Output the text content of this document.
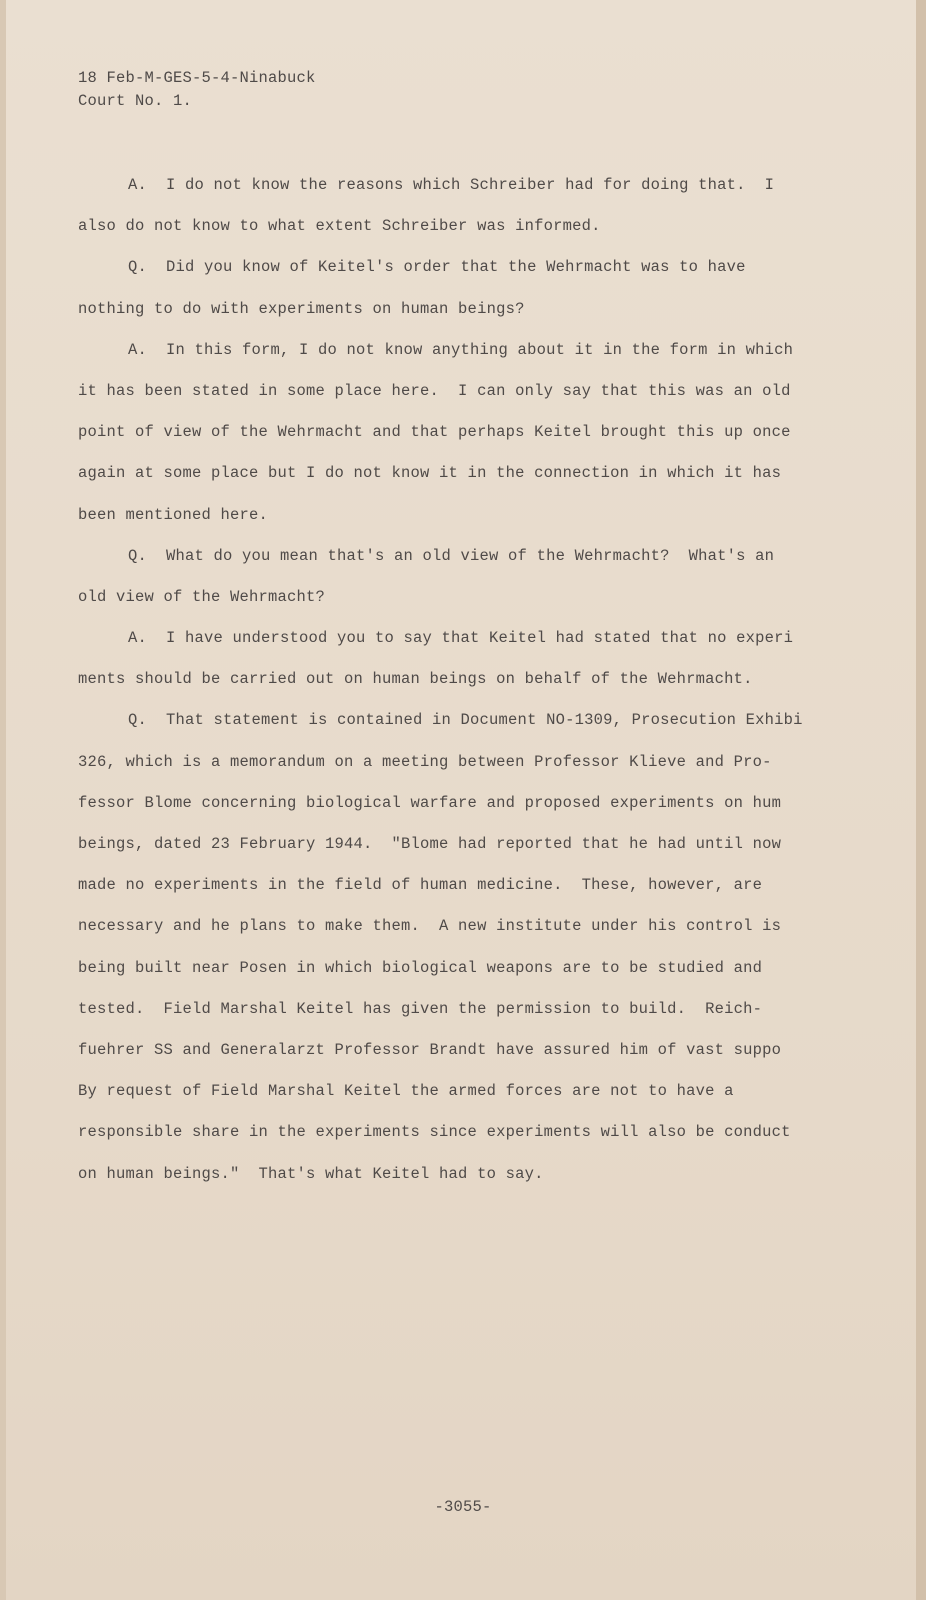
18 Feb-M-GES-5-4-Ninabuck
Court No. 1.
A.  I do not know the reasons which Schreiber had for doing that.  I
also do not know to what extent Schreiber was informed.
Q.  Did you know of Keitel's order that the Wehrmacht was to have
nothing to do with experiments on human beings?
A.  In this form, I do not know anything about it in the form in which
it has been stated in some place here.  I can only say that this was an old
point of view of the Wehrmacht and that perhaps Keitel brought this up once
again at some place but I do not know it in the connection in which it has
been mentioned here.
Q.  What do you mean that's an old view of the Wehrmacht?  What's an
old view of the Wehrmacht?
A.  I have understood you to say that Keitel had stated that no experi
ments should be carried out on human beings on behalf of the Wehrmacht.
Q.  That statement is contained in Document NO-1309, Prosecution Exhibi
326, which is a memorandum on a meeting between Professor Klieve and Pro-
fessor Blome concerning biological warfare and proposed experiments on hum
beings, dated 23 February 1944.  "Blome had reported that he had until now
made no experiments in the field of human medicine.  These, however, are
necessary and he plans to make them.  A new institute under his control is
being built near Posen in which biological weapons are to be studied and
tested.  Field Marshal Keitel has given the permission to build.  Reich-
fuehrer SS and Generalarzt Professor Brandt have assured him of vast suppo
By request of Field Marshal Keitel the armed forces are not to have a
responsible share in the experiments since experiments will also be conduct
on human beings."  That's what Keitel had to say.
-3055-
